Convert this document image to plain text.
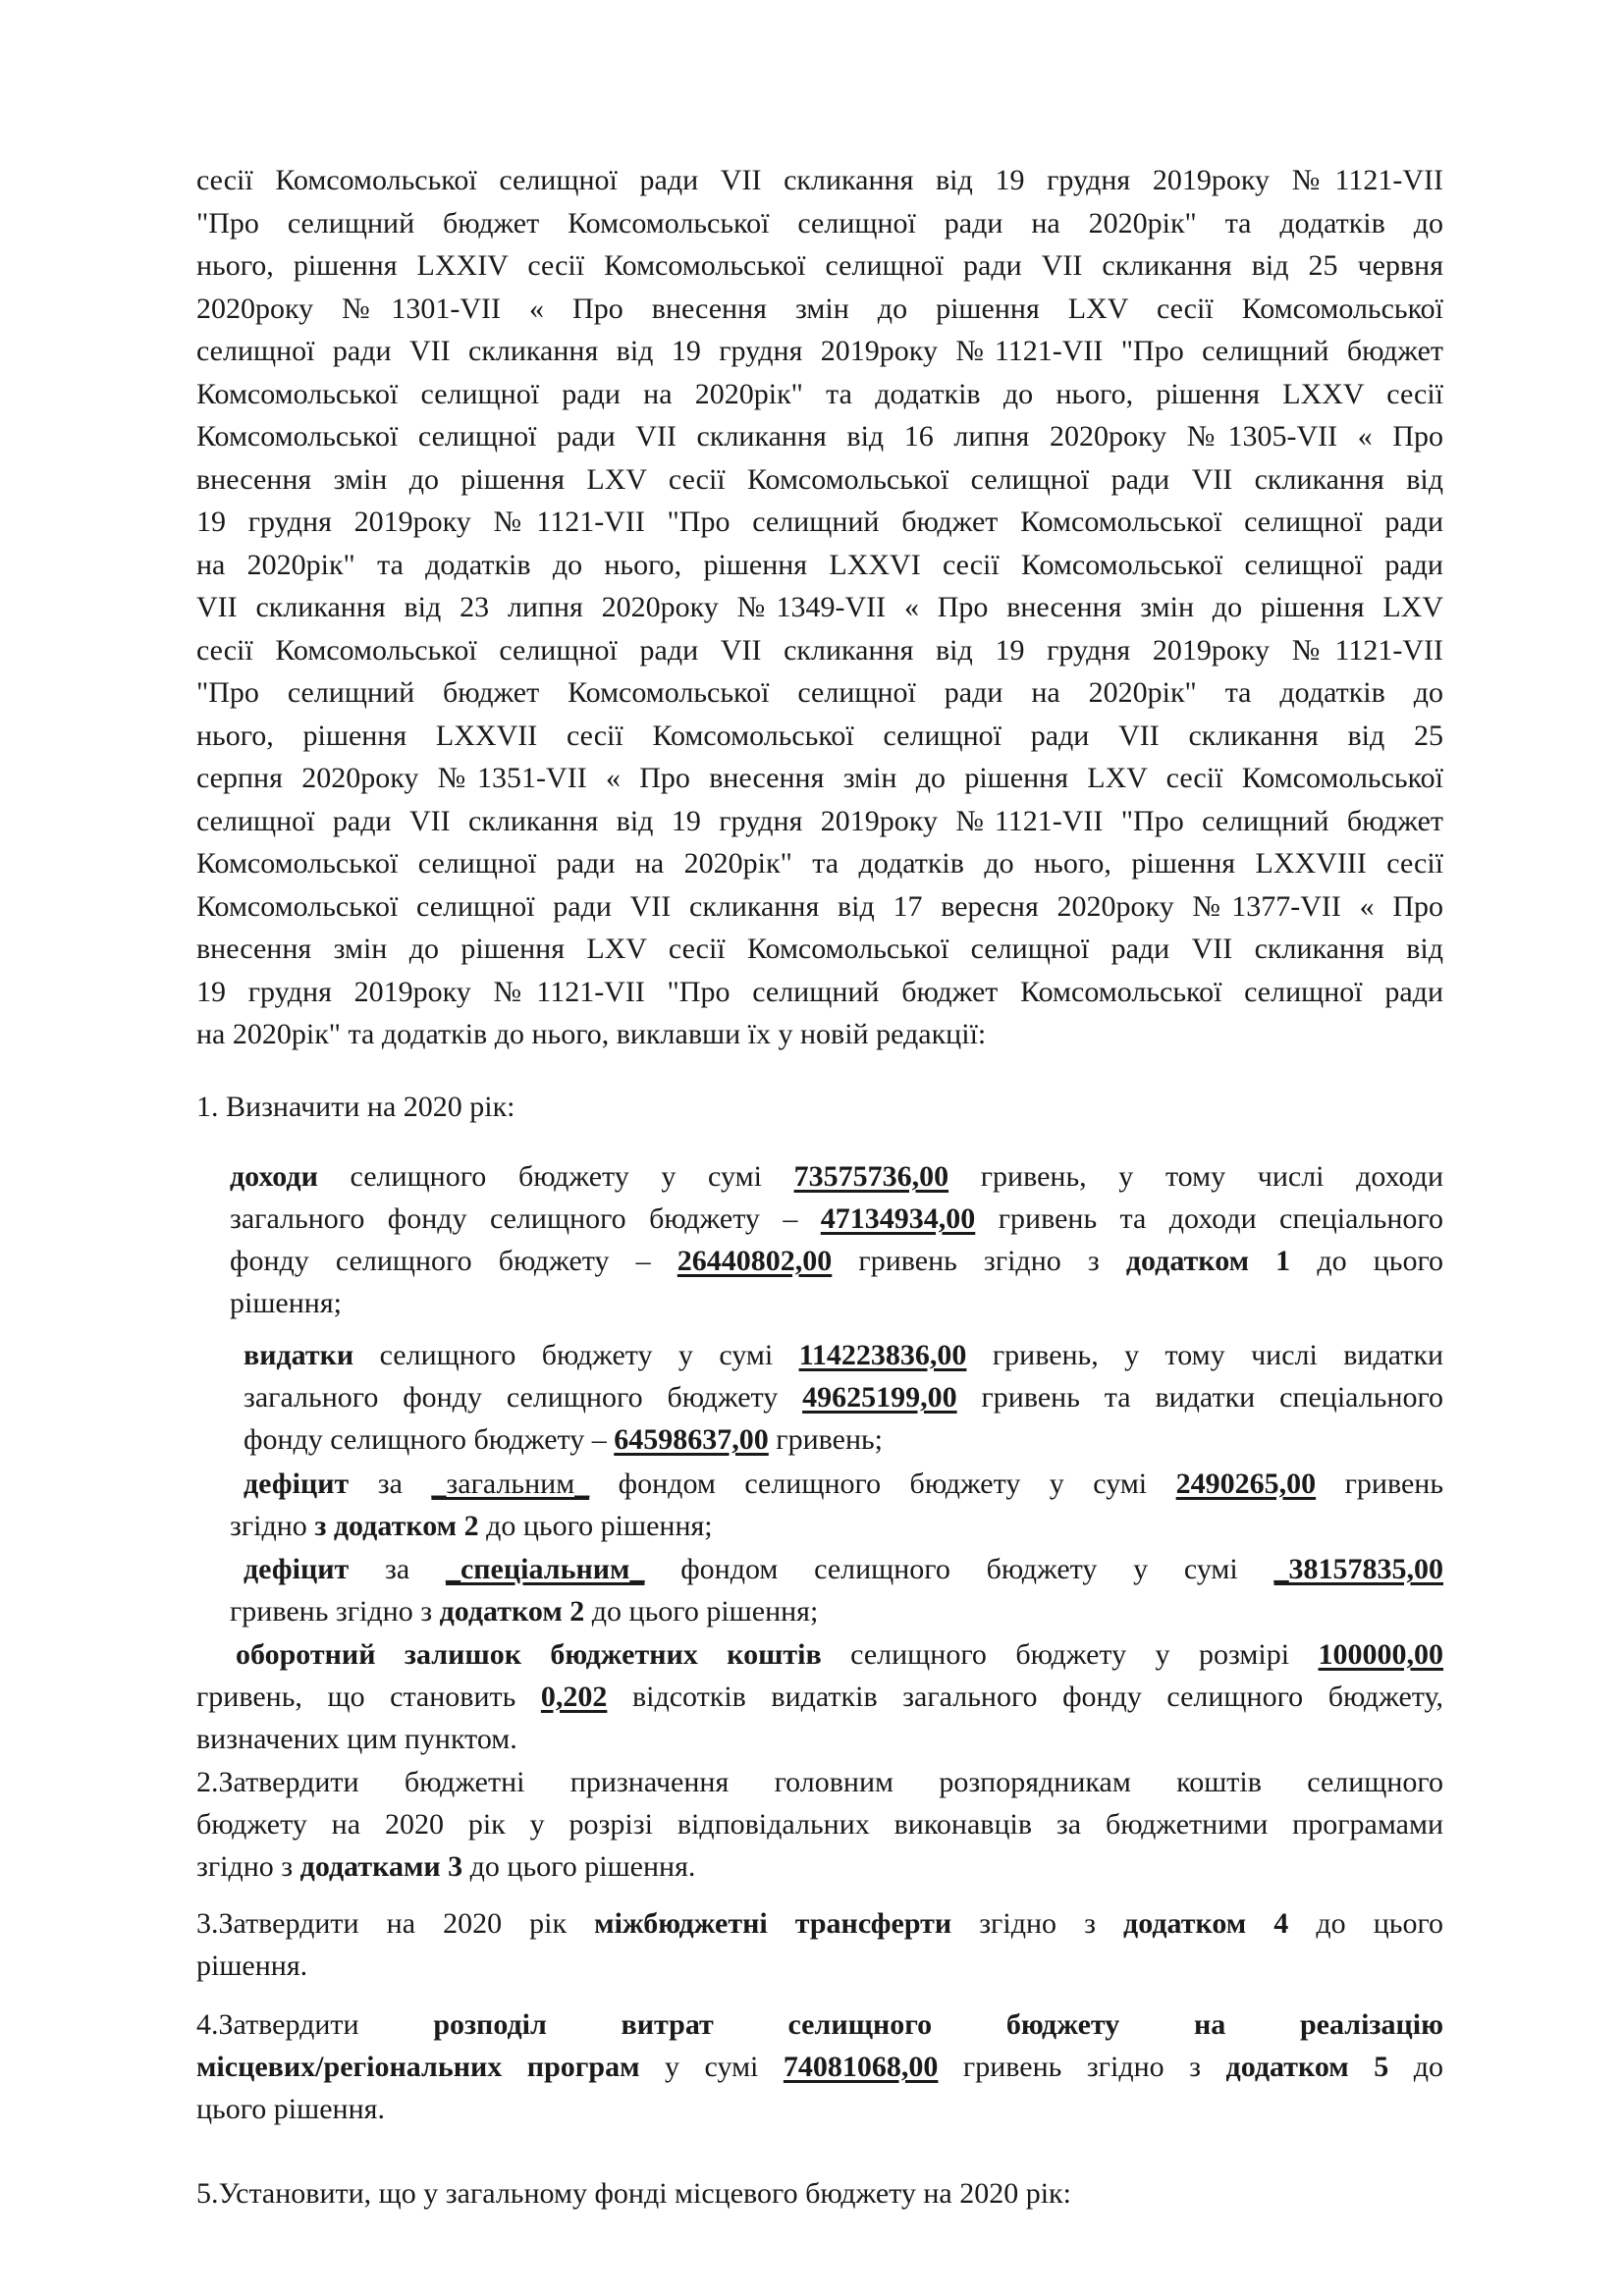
сесії Комсомольської селищної ради VII скликання від 19 грудня 2019року №1121-VII
"Про селищний бюджет Комсомольської селищної ради на 2020рік" та додатків до
нього, рішення LXXIV сесії Комсомольської селищної ради VII скликання від 25 червня
2020року №1301-VII « Про внесення змін до рішення LXV сесії Комсомольської
селищної ради VII скликання від 19 грудня 2019року №1121-VII "Про селищний бюджет
Комсомольської селищної ради на 2020рік" та додатків до нього, рішення LXXV сесії
Комсомольської селищної ради VII скликання від 16 липня 2020року №1305-VII « Про
внесення змін до рішення LXV сесії Комсомольської селищної ради VII скликання від
19 грудня 2019року №1121-VII "Про селищний бюджет Комсомольської селищної ради
на 2020рік" та додатків до нього, рішення LXXVI сесії Комсомольської селищної ради
VII скликання від 23 липня 2020року №1349-VII « Про внесення змін до рішення LXV
сесії Комсомольської селищної ради VII скликання від 19 грудня 2019року №1121-VII
"Про селищний бюджет Комсомольської селищної ради на 2020рік" та додатків до
нього, рішення LXXVII сесії Комсомольської селищної ради VII скликання від 25
серпня 2020року №1351-VII « Про внесення змін до рішення LXV сесії Комсомольської
селищної ради VII скликання від 19 грудня 2019року №1121-VII "Про селищний бюджет
Комсомольської селищної ради на 2020рік" та додатків до нього, рішення LXXVIII сесії
Комсомольської селищної ради VII скликання від 17 вересня 2020року №1377-VII « Про
внесення змін до рішення LXV сесії Комсомольської селищної ради VII скликання від
19 грудня 2019року №1121-VII "Про селищний бюджет Комсомольської селищної ради
на 2020рік" та додатків до нього, виклавши їх у новій редакції:
1. Визначити на 2020 рік:
доходи селищного бюджету у сумі 73575736,00 гривень, у тому числі доходи
загального фонду селищного бюджету – 47134934,00 гривень та доходи спеціального
фонду селищного бюджету – 26440802,00 гривень згідно з додатком 1 до цього
рішення;
видатки селищного бюджету у сумі 114223836,00 гривень, у тому числі видатки
загального фонду селищного бюджету 49625199,00 гривень та видатки спеціального
фонду селищного бюджету – 64598637,00 гривень;
дефіцит за _загальним_ фондом селищного бюджету у сумі 2490265,00 гривень
згідно з додатком 2 до цього рішення;
дефіцит за _спеціальним_ фондом селищного бюджету у сумі _38157835,00
гривень згідно з додатком 2 до цього рішення;
оборотний залишок бюджетних коштів селищного бюджету у розмірі 100000,00
гривень, що становить 0,202 відсотків видатків загального фонду селищного бюджету,
визначених цим пунктом.
2.Затвердити бюджетні призначення головним розпорядникам коштів селищного
бюджету на 2020 рік у розрізі відповідальних виконавців за бюджетними програмами
згідно з додатками 3 до цього рішення.
3.Затвердити на 2020 рік міжбюджетні трансферти згідно з додатком 4 до цього
рішення.
4.Затвердити розподіл витрат селищного бюджету на реалізацію
місцевих/регіональних програм у сумі 74081068,00 гривень згідно з додатком 5 до
цього рішення.
5.Установити, що у загальному фонді місцевого бюджету на 2020 рік:
